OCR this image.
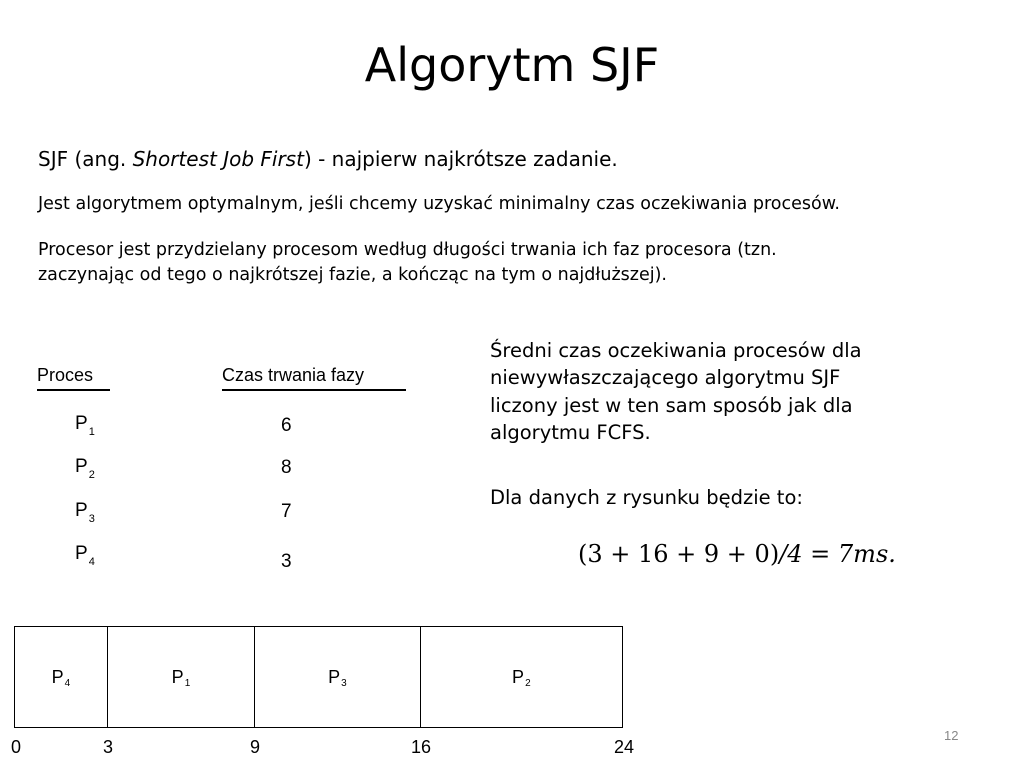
Algorytm SJF
SJF (ang. Shortest Job First) - najpierw najkrótsze zadanie.
Jest algorytmem optymalnym, jeśli chcemy uzyskać minimalny czas oczekiwania procesów.
Procesor jest przydzielany procesom według długości trwania ich faz procesora (tzn.
zaczynając od tego o najkrótszej fazie, a kończąc na tym o najdłuższej).
Proces	Czas trwania fazy
$P_1$	6
$P_2$	8
$P_3$	7
$P_4$	3
Średni czas oczekiwania procesów dla
niewywłaszczającego algorytmu SJF
liczony jest w ten sam sposób jak dla
algorytmu FCFS.
Dla danych z rysunku będzie to:
(3 + 16 + 9 + 0)/4 = 7ms.
P 4	P 1	P 3	P 2
0	3	9	16	24
12
